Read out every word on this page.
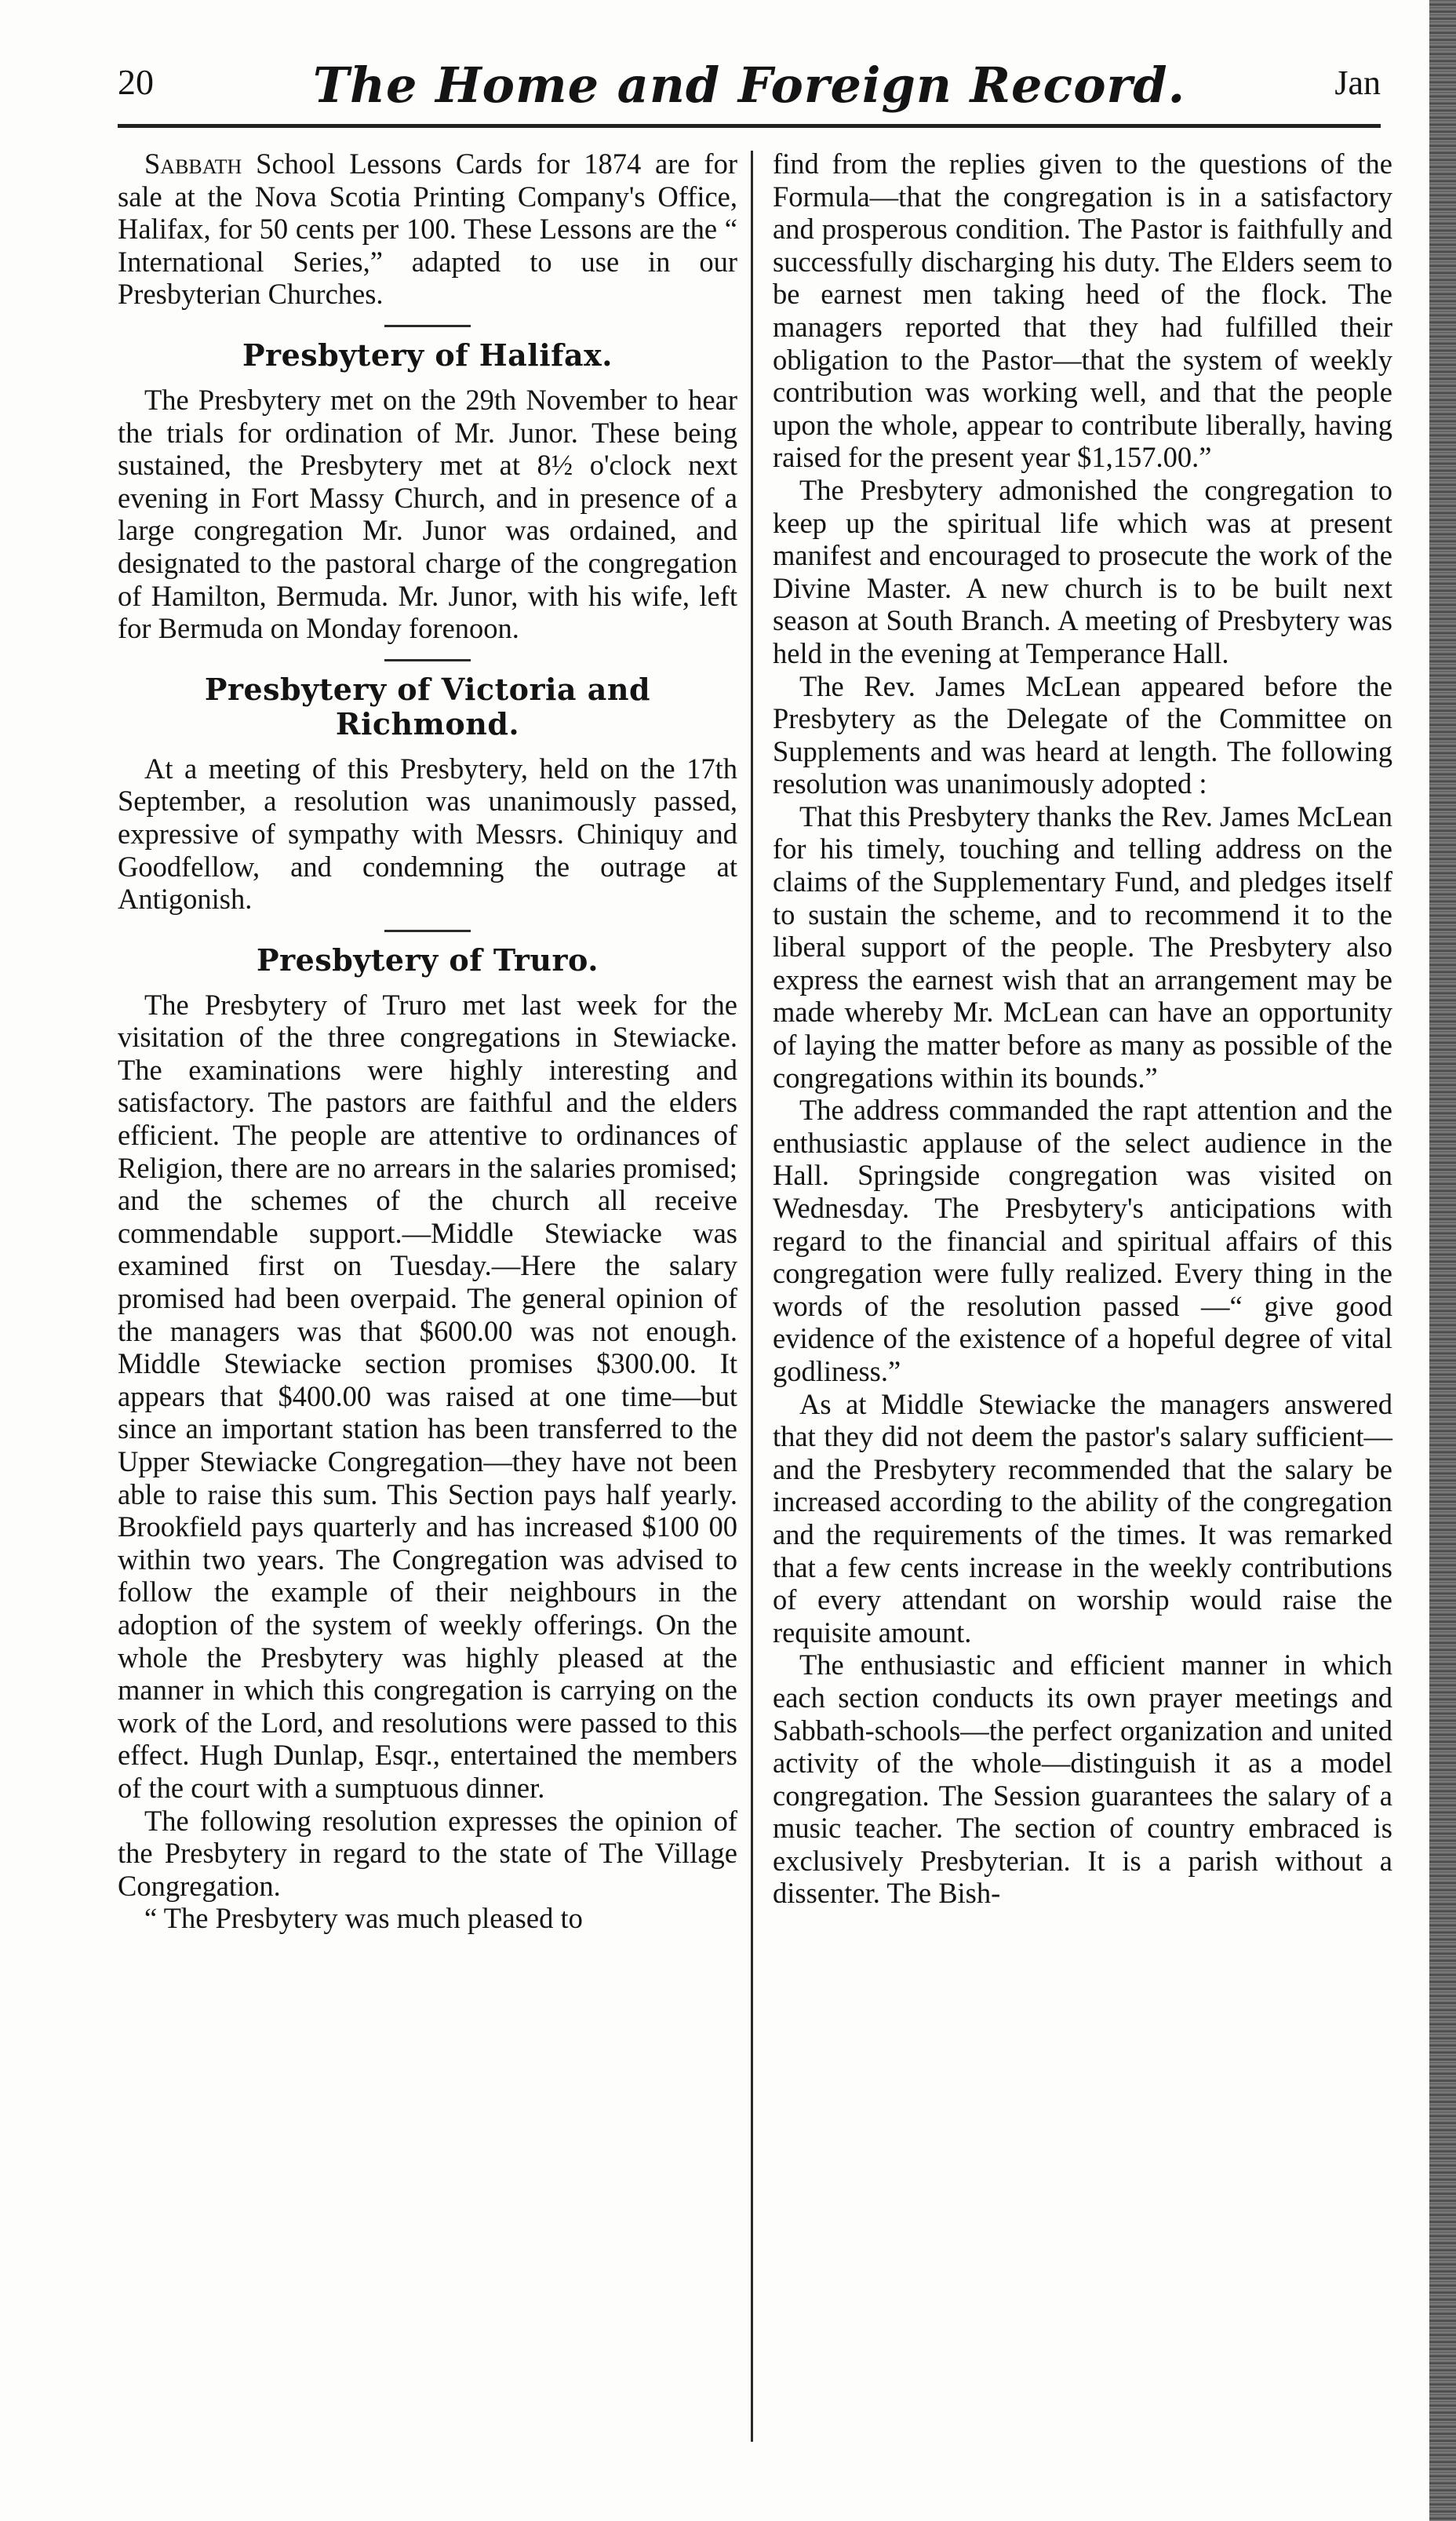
20	The Home and Foreign Record.	Jan

Sabbath School Lessons Cards for 1874 are for sale at the Nova Scotia Printing Company's Office, Halifax, for 50 cents per 100. These Lessons are the “ International Series,” adapted to use in our Presbyterian Churches.

Presbytery of Halifax.

The Presbytery met on the 29th November to hear the trials for ordination of Mr. Junor. These being sustained, the Presbytery met at 8½ o'clock next evening in Fort Massy Church, and in presence of a large congregation Mr. Junor was ordained, and designated to the pastoral charge of the congregation of Hamilton, Bermuda. Mr. Junor, with his wife, left for Bermuda on Monday forenoon.

Presbytery of Victoria and Richmond.

At a meeting of this Presbytery, held on the 17th September, a resolution was unanimously passed, expressive of sympathy with Messrs. Chiniquy and Goodfellow, and condemning the outrage at Antigonish.

Presbytery of Truro.

The Presbytery of Truro met last week for the visitation of the three congregations in Stewiacke. The examinations were highly interesting and satisfactory. The pastors are faithful and the elders efficient. The people are attentive to ordinances of Religion, there are no arrears in the salaries promised; and the schemes of the church all receive commendable support.—Middle Stewiacke was examined first on Tuesday.—Here the salary promised had been overpaid. The general opinion of the managers was that $600.00 was not enough. Middle Stewiacke section promises $300.00. It appears that $400.00 was raised at one time—but since an important station has been transferred to the Upper Stewiacke Congregation—they have not been able to raise this sum. This Section pays half yearly. Brookfield pays quarterly and has increased $100 00 within two years. The Congregation was advised to follow the example of their neighbours in the adoption of the system of weekly offerings. On the whole the Presbytery was highly pleased at the manner in which this congregation is carrying on the work of the Lord, and resolutions were passed to this effect. Hugh Dunlap, Esqr., entertained the members of the court with a sumptuous dinner.

The following resolution expresses the opinion of the Presbytery in regard to the state of The Village Congregation.

“ The Presbytery was much pleased to

find from the replies given to the questions of the Formula—that the congregation is in a satisfactory and prosperous condition. The Pastor is faithfully and successfully discharging his duty. The Elders seem to be earnest men taking heed of the flock. The managers reported that they had fulfilled their obligation to the Pastor—that the system of weekly contribution was working well, and that the people upon the whole, appear to contribute liberally, having raised for the present year $1,157.00.”

The Presbytery admonished the congregation to keep up the spiritual life which was at present manifest and encouraged to prosecute the work of the Divine Master. A new church is to be built next season at South Branch. A meeting of Presbytery was held in the evening at Temperance Hall.

The Rev. James McLean appeared before the Presbytery as the Delegate of the Committee on Supplements and was heard at length. The following resolution was unanimously adopted :

That this Presbytery thanks the Rev. James McLean for his timely, touching and telling address on the claims of the Supplementary Fund, and pledges itself to sustain the scheme, and to recommend it to the liberal support of the people. The Presbytery also express the earnest wish that an arrangement may be made whereby Mr. McLean can have an opportunity of laying the matter before as many as possible of the congregations within its bounds.”

The address commanded the rapt attention and the enthusiastic applause of the select audience in the Hall. Springside congregation was visited on Wednesday. The Presbytery's anticipations with regard to the financial and spiritual affairs of this congregation were fully realized. Every thing in the words of the resolution passed —“ give good evidence of the existence of a hopeful degree of vital godliness.”

As at Middle Stewiacke the managers answered that they did not deem the pastor's salary sufficient—and the Presbytery recommended that the salary be increased according to the ability of the congregation and the requirements of the times. It was remarked that a few cents increase in the weekly contributions of every attendant on worship would raise the requisite amount.

The enthusiastic and efficient manner in which each section conducts its own prayer meetings and Sabbath-schools—the perfect organization and united activity of the whole—distinguish it as a model congregation. The Session guarantees the salary of a music teacher. The section of country embraced is exclusively Presbyterian. It is a parish without a dissenter. The Bish-
